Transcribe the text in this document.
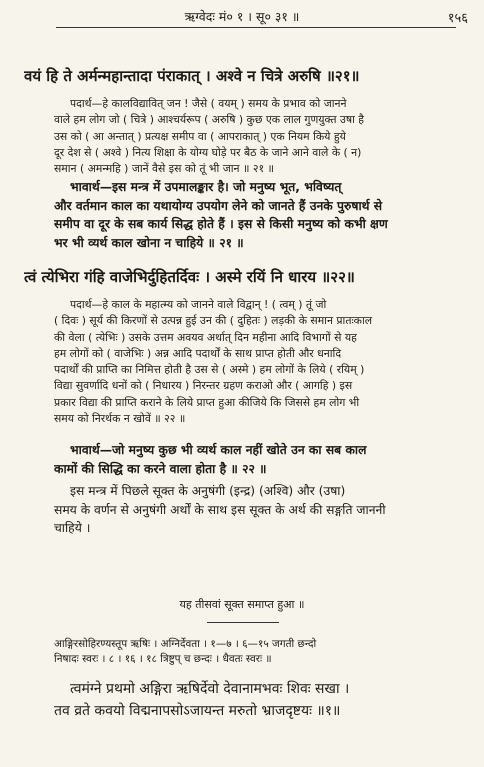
ऋग्वेदः मं० १ । सू० ३१ ॥	१५६
वयं हि ते अर्मन्महान्तादा पंराकात् । अश्वे न चित्रे अरुषि ॥२१॥
पदार्थ—हे कालविद्यावित् जन ! जैसे ( वयम् ) समय के प्रभाव को जानने
वाले हम लोग जो ( चित्रे ) आश्चर्यरूप ( अरुषि ) कुछ एक लाल गुणयुक्त उषा है
उस को ( आ अन्तात् ) प्रत्यक्ष समीप वा ( आपराकात् ) एक नियम किये हुये
दूर देश से ( अश्वे ) नित्य शिक्षा के योग्य घोड़े पर बैठ के जाने आने वाले के ( न)
समान ( अमन्महि ) जानें वैसे इस को तूं भी जान ॥ २१ ॥
भावार्थ—इस मन्त्र में उपमालङ्कार है। जो मनुष्य भूत, भविष्यत्
और वर्तमान काल का यथायोग्य उपयोग लेने को जानते हैं उनके पुरुषार्थ से
समीप वा दूर के सब कार्य सिद्ध होते हैं । इस से किसी मनुष्य को कभी क्षण
भर भी व्यर्थ काल खोना न चाहिये ॥ २१ ॥
त्वं त्येभिरा गंहि वाजेभिर्दुहितर्दिवः । अस्मे रयिं नि धारय ॥२२॥
पदार्थ—हे काल के महात्म्य को जानने वाले विद्वान् ! ( त्वम् ) तूं जो
( दिवः ) सूर्य की किरणों से उत्पन्न हुई उन की ( दुहितः ) लड़की के समान प्रातःकाल
की वेला ( त्येभिः ) उसके उत्तम अवयव अर्थात् दिन महीना आदि विभागों से यह
हम लोगों को ( वाजेभिः ) अन्न आदि पदार्थों के साथ प्राप्त होती और धनादि
पदार्थों की प्राप्ति का निमित्त होती है उस से ( अस्मे ) हम लोगों के लिये ( रयिम् )
विद्या सुवर्णादि धनों को ( निधारय ) निरन्तर ग्रहण कराओ और ( आगहि ) इस
प्रकार विद्या की प्राप्ति कराने के लिये प्राप्त हुआ कीजिये कि जिससे हम लोग भी
समय को निरर्थक न खोवें ॥ २२ ॥
भावार्थ—जो मनुष्य कुछ भी व्यर्थ काल नहीं खोते उन का सब काल
कामों की सिद्धि का करने वाला होता है ॥ २२ ॥
इस मन्त्र में पिछले सूक्त के अनुषंगी (इन्द्र) (अश्वि) और (उषा)
समय के वर्णन से अनुषंगी अर्थों के साथ इस सूक्त के अर्थ की सङ्गति जाननी
चाहिये ।
यह तीसवां सूक्त समाप्त हुआ ॥
आङ्गिरसोहिरण्यस्तूप ऋषिः । अग्निर्देवता । १—७ । ६—१५ जगती छन्दो
निषादः स्वरः । ८ । १६ । १८ त्रिष्टुप् च छन्दः । धैवतः स्वरः ॥
त्वमंग्ने प्रथमो अङ्गिरा ऋषिर्देवो देवानामभवः शिवः सखा ।
तव व्रते कवयो विद्मनापसोऽजायन्त मरुतो भ्राजदृष्टयः ॥१॥
